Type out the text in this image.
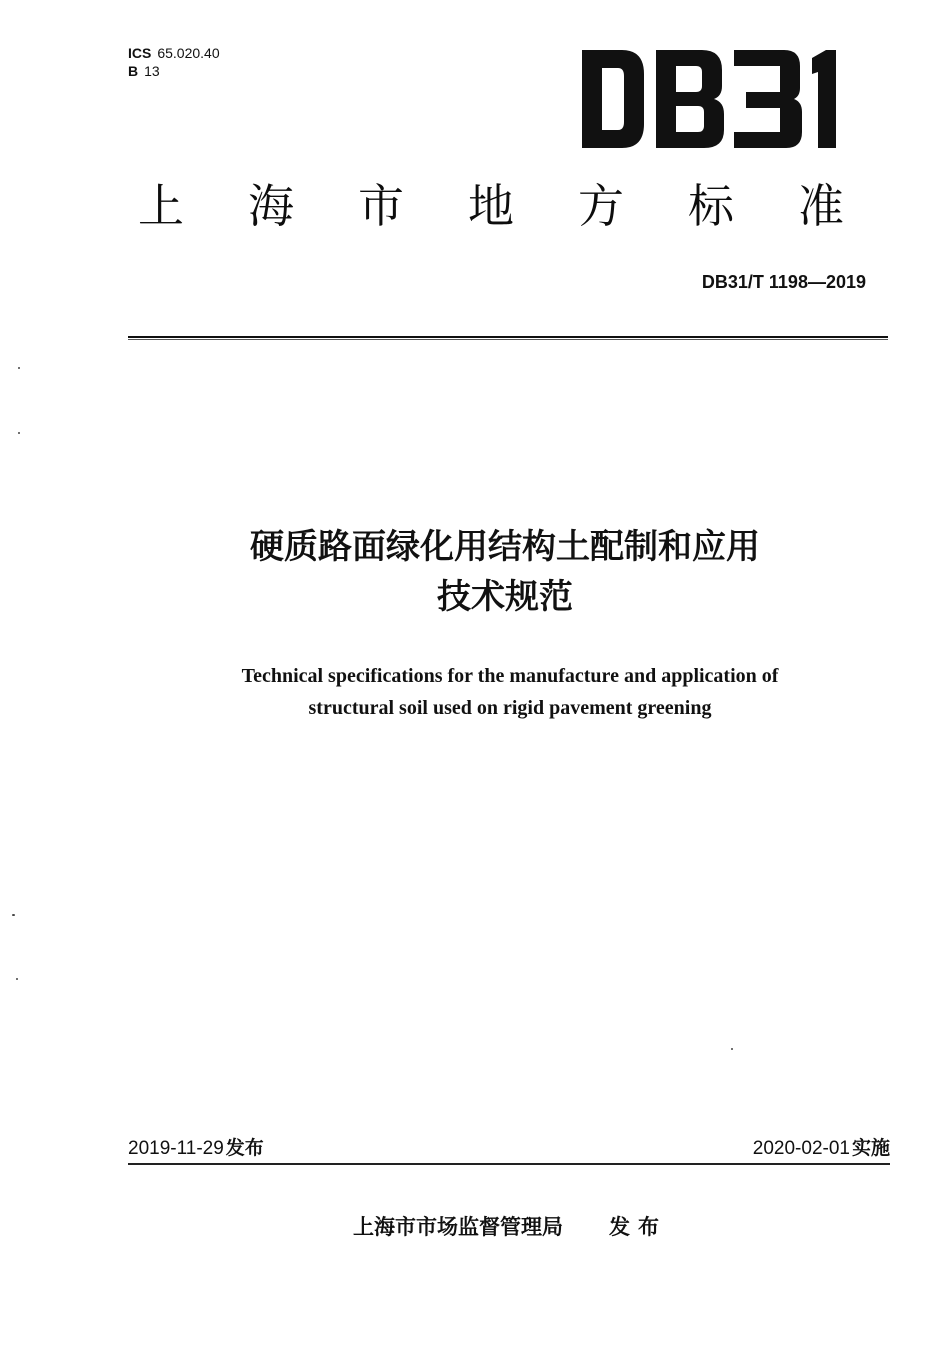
ICS 65.020.40
B 13
上海市地方标准
DB31/T 1198—2019
硬质路面绿化用结构土配制和应用
技术规范
Technical specifications for the manufacture and application of
structural soil used on rigid pavement greening
2019-11-29 发布	2020-02-01 实施
上海市市场监督管理局 发布
